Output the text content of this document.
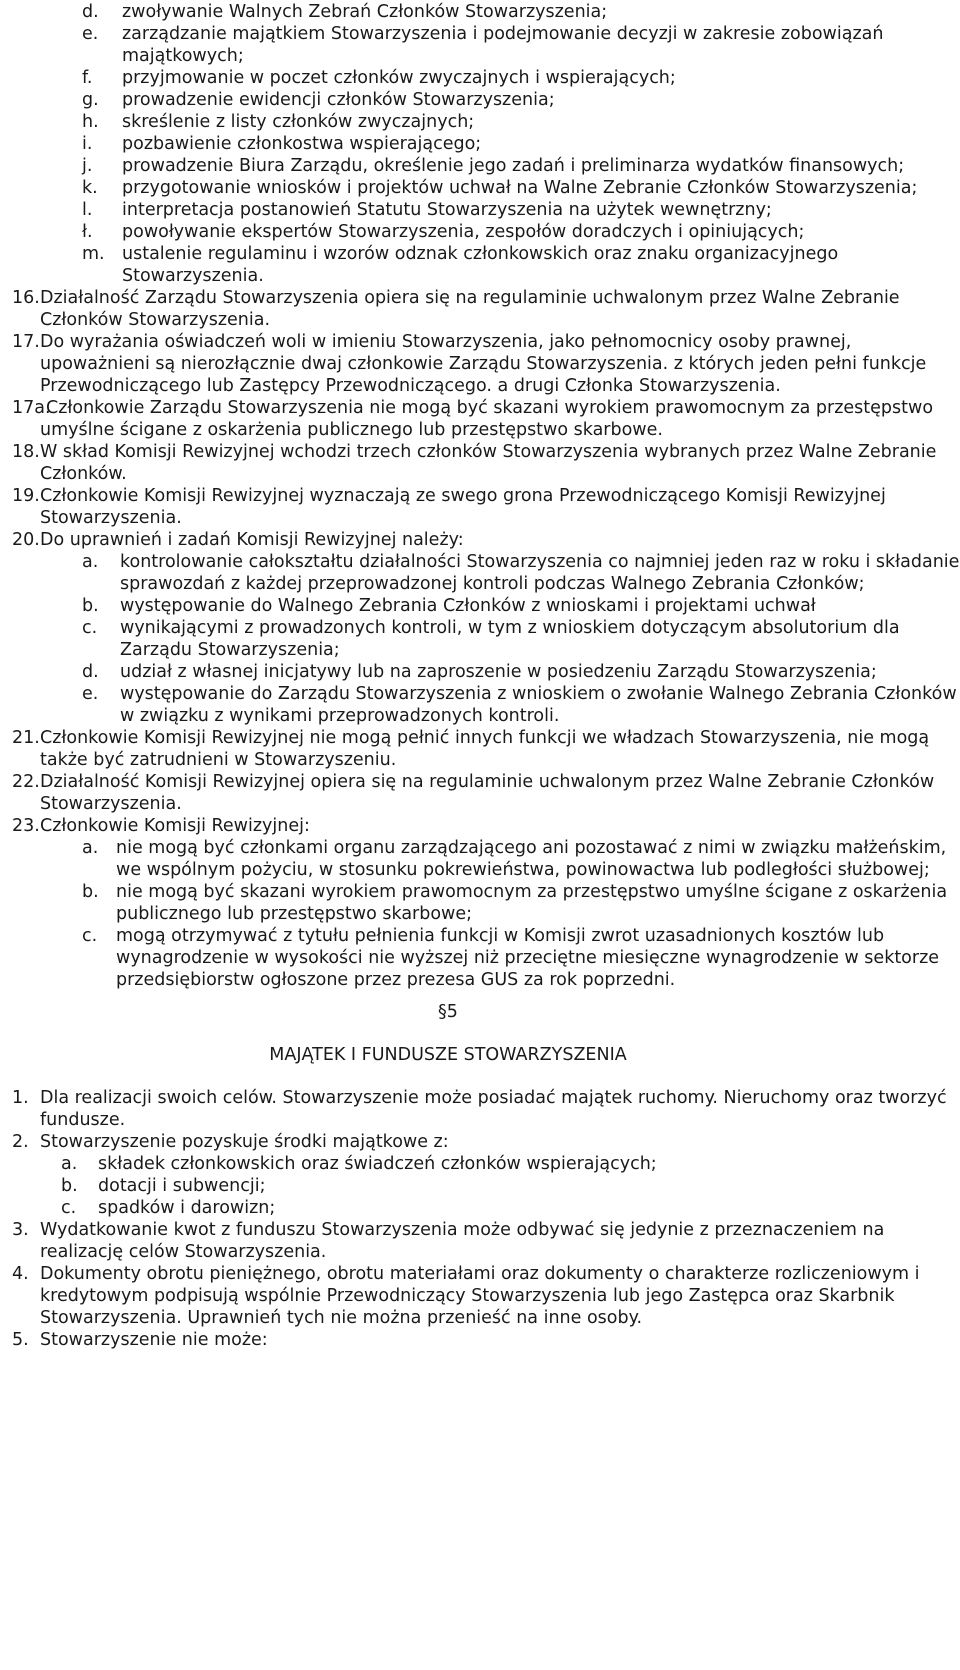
d. zwoływanie Walnych Zebrań Członków Stowarzyszenia;
e. zarządzanie majątkiem Stowarzyszenia i podejmowanie decyzji w zakresie zobowiązań majątkowych;
f. przyjmowanie w poczet członków zwyczajnych i wspierających;
g. prowadzenie ewidencji członków Stowarzyszenia;
h. skreślenie z listy członków zwyczajnych;
i. pozbawienie członkostwa wspierającego;
j. prowadzenie Biura Zarządu, określenie jego zadań i preliminarza wydatków finansowych;
k. przygotowanie wniosków i projektów uchwał na Walne Zebranie Członków Stowarzyszenia;
l. interpretacja postanowień Statutu Stowarzyszenia na użytek wewnętrzny;
ł. powoływanie ekspertów Stowarzyszenia, zespołów doradczych i opiniujących;
m. ustalenie regulaminu i wzorów odznak członkowskich oraz znaku organizacyjnego Stowarzyszenia.
16. Działalność Zarządu Stowarzyszenia opiera się na regulaminie uchwalonym przez Walne Zebranie Członków Stowarzyszenia.
17. Do wyrażania oświadczeń woli w imieniu Stowarzyszenia, jako pełnomocnicy osoby prawnej, upoważnieni są nierozłącznie dwaj członkowie Zarządu Stowarzyszenia. z których jeden pełni funkcje Przewodniczącego lub Zastępcy Przewodniczącego. a drugi Członka Stowarzyszenia.
17a.
Członkowie Zarządu Stowarzyszenia nie mogą być skazani wyrokiem prawomocnym za przestępstwo umyślne ścigane z oskarżenia publicznego lub przestępstwo skarbowe.
18. W skład Komisji Rewizyjnej wchodzi trzech członków Stowarzyszenia wybranych przez Walne Zebranie Członków.
19. Członkowie Komisji Rewizyjnej wyznaczają ze swego grona Przewodniczącego Komisji Rewizyjnej Stowarzyszenia.
20. Do uprawnień i zadań Komisji Rewizyjnej należy:
a. kontrolowanie całokształtu działalności Stowarzyszenia co najmniej jeden raz w roku i składanie sprawozdań z każdej przeprowadzonej kontroli podczas Walnego Zebrania Członków;
b. występowanie do Walnego Zebrania Członków z wnioskami i projektami uchwał
c. wynikającymi z prowadzonych kontroli, w tym z wnioskiem dotyczącym absolutorium dla Zarządu Stowarzyszenia;
d. udział z własnej inicjatywy lub na zaproszenie w posiedzeniu Zarządu Stowarzyszenia;
e. występowanie do Zarządu Stowarzyszenia z wnioskiem o zwołanie Walnego Zebrania Członków w związku z wynikami przeprowadzonych kontroli.
21. Członkowie Komisji Rewizyjnej nie mogą pełnić innych funkcji we władzach Stowarzyszenia, nie mogą także być zatrudnieni w Stowarzyszeniu.
22. Działalność Komisji Rewizyjnej opiera się na regulaminie uchwalonym przez Walne Zebranie Członków Stowarzyszenia.
23. Członkowie Komisji Rewizyjnej:
a. nie mogą być członkami organu zarządzającego ani pozostawać z nimi w związku małżeńskim, we wspólnym pożyciu, w stosunku pokrewieństwa, powinowactwa lub podległości służbowej;
b. nie mogą być skazani wyrokiem prawomocnym za przestępstwo umyślne ścigane z oskarżenia publicznego lub przestępstwo skarbowe;
c. mogą otrzymywać z tytułu pełnienia funkcji w Komisji zwrot uzasadnionych kosztów lub wynagrodzenie w wysokości nie wyższej niż przeciętne miesięczne wynagrodzenie w sektorze przedsiębiorstw ogłoszone przez prezesa GUS za rok poprzedni.
§5
MAJĄTEK I FUNDUSZE STOWARZYSZENIA
1. Dla realizacji swoich celów. Stowarzyszenie może posiadać majątek ruchomy. Nieruchomy oraz tworzyć fundusze.
2. Stowarzyszenie pozyskuje środki majątkowe z:
a. składek członkowskich oraz świadczeń członków wspierających;
b. dotacji i subwencji;
c. spadków i darowizn;
3. Wydatkowanie kwot z funduszu Stowarzyszenia może odbywać się jedynie z przeznaczeniem na realizację celów Stowarzyszenia.
4. Dokumenty obrotu pieniężnego, obrotu materiałami oraz dokumenty o charakterze rozliczeniowym i kredytowym podpisują wspólnie Przewodniczący Stowarzyszenia lub jego Zastępca oraz Skarbnik Stowarzyszenia. Uprawnień tych nie można przenieść na inne osoby.
5. Stowarzyszenie nie może:
